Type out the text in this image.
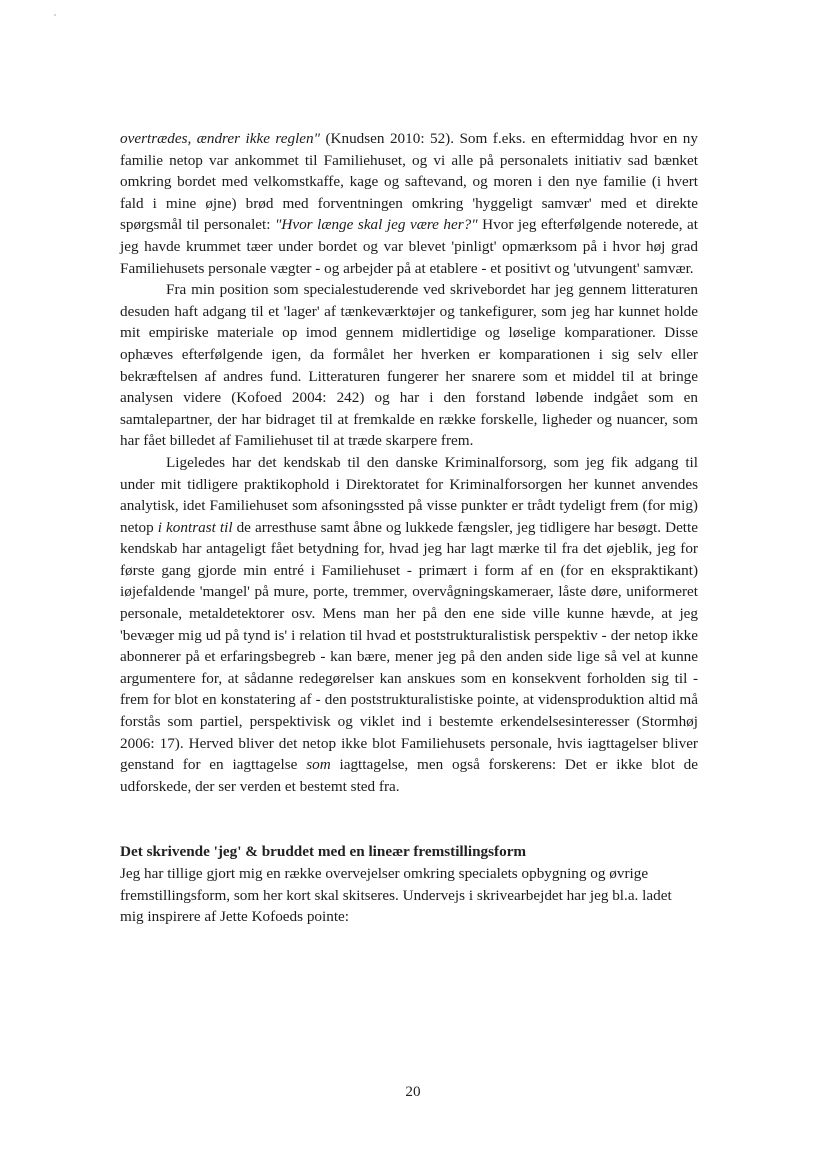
overtrædes, ændrer ikke reglen" (Knudsen 2010: 52). Som f.eks. en eftermiddag hvor en ny familie netop var ankommet til Familiehuset, og vi alle på personalets initiativ sad bænket omkring bordet med velkomstkaffe, kage og saftevand, og moren i den nye familie (i hvert fald i mine øjne) brød med forventningen omkring 'hyggeligt samvær' med et direkte spørgsmål til personalet: "Hvor længe skal jeg være her?" Hvor jeg efterfølgende noterede, at jeg havde krummet tæer under bordet og var blevet 'pinligt' opmærksom på i hvor høj grad Familiehusets personale vægter - og arbejder på at etablere - et positivt og 'utvungent' samvær.

Fra min position som specialestuderende ved skrivebordet har jeg gennem litteraturen desuden haft adgang til et 'lager' af tænkeværktøjer og tankefigurer, som jeg har kunnet holde mit empiriske materiale op imod gennem midlertidige og løselige komparationer. Disse ophæves efterfølgende igen, da formålet her hverken er komparationen i sig selv eller bekræftelsen af andres fund. Litteraturen fungerer her snarere som et middel til at bringe analysen videre (Kofoed 2004: 242) og har i den forstand løbende indgået som en samtalepartner, der har bidraget til at fremkalde en række forskelle, ligheder og nuancer, som har fået billedet af Familiehuset til at træde skarpere frem.

Ligeledes har det kendskab til den danske Kriminalforsorg, som jeg fik adgang til under mit tidligere praktikophold i Direktoratet for Kriminalforsorgen her kunnet anvendes analytisk, idet Familiehuset som afsoningssted på visse punkter er trådt tydeligt frem (for mig) netop i kontrast til de arresthuse samt åbne og lukkede fængsler, jeg tidligere har besøgt. Dette kendskab har antageligt fået betydning for, hvad jeg har lagt mærke til fra det øjeblik, jeg for første gang gjorde min entré i Familiehuset - primært i form af en (for en ekspraktikant) iøjefaldende 'mangel' på mure, porte, tremmer, overvågningskameraer, låste døre, uniformeret personale, metaldetektorer osv. Mens man her på den ene side ville kunne hævde, at jeg 'bevæger mig ud på tynd is' i relation til hvad et poststrukturalistisk perspektiv - der netop ikke abonnerer på et erfaringsbegreb - kan bære, mener jeg på den anden side lige så vel at kunne argumentere for, at sådanne redegørelser kan anskues som en konsekvent forholden sig til - frem for blot en konstatering af - den poststrukturalistiske pointe, at vidensproduktion altid må forstås som partiel, perspektivisk og viklet ind i bestemte erkendelsesinteresser (Stormhøj 2006: 17). Herved bliver det netop ikke blot Familiehusets personale, hvis iagttagelser bliver genstand for en iagttagelse som iagttagelse, men også forskerens: Det er ikke blot de udforskede, der ser verden et bestemt sted fra.

Det skrivende 'jeg' & bruddet med en lineær fremstillingsform

Jeg har tillige gjort mig en række overvejelser omkring specialets opbygning og øvrige fremstillingsform, som her kort skal skitseres. Undervejs i skrivearbejdet har jeg bl.a. ladet mig inspirere af Jette Kofoeds pointe:

20
